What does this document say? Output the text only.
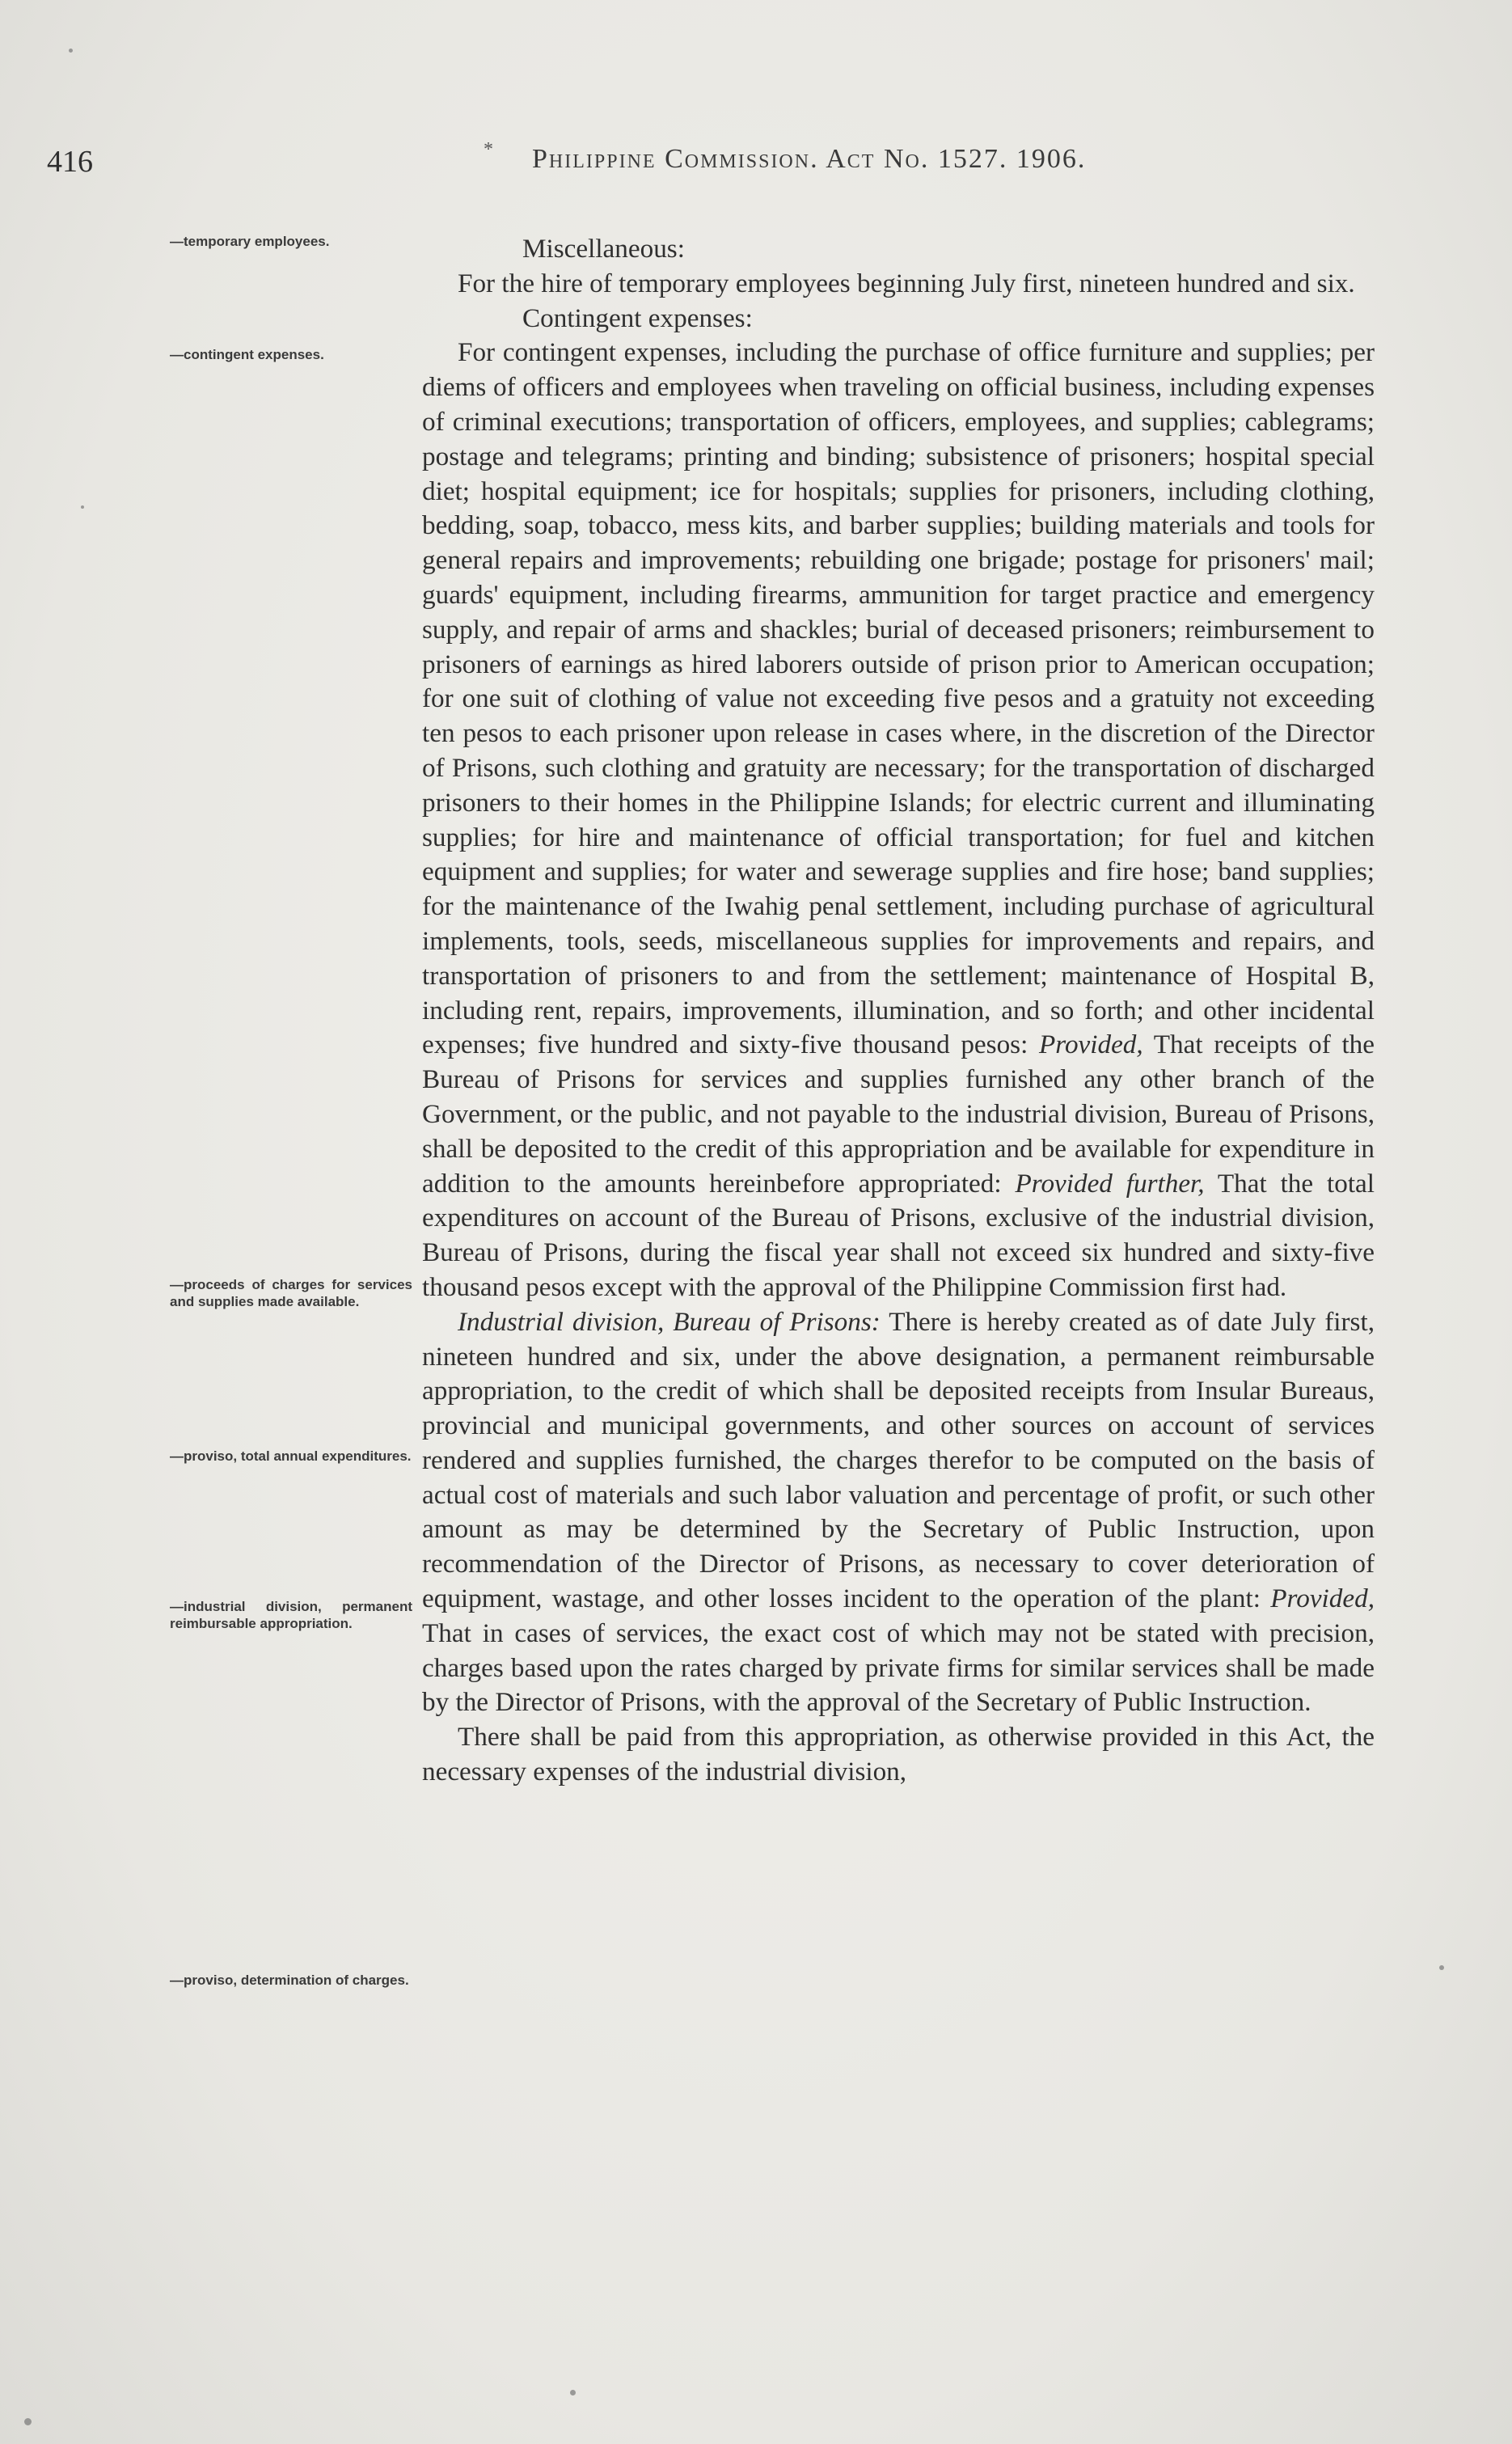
416	* Philippine Commission. Act No. 1527. 1906.
—temporary employees.
—contingent expenses.
—proceeds of charges for services and supplies made available.
—proviso, total annual expenditures.
—industrial division, permanent reimbursable appropriation.
—proviso, determination of charges.

Miscellaneous:

For the hire of temporary employees beginning July first, nineteen hundred and six.

Contingent expenses:

For contingent expenses, including the purchase of office furniture and supplies; per diems of officers and employees when traveling on official business, including expenses of criminal executions; transportation of officers, employees, and supplies; cablegrams; postage and telegrams; printing and binding; subsistence of prisoners; hospital special diet; hospital equipment; ice for hospitals; supplies for prisoners, including clothing, bedding, soap, tobacco, mess kits, and barber supplies; building materials and tools for general repairs and improvements; rebuilding one brigade; postage for prisoners' mail; guards' equipment, including firearms, ammunition for target practice and emergency supply, and repair of arms and shackles; burial of deceased prisoners; reimbursement to prisoners of earnings as hired laborers outside of prison prior to American occupation; for one suit of clothing of value not exceeding five pesos and a gratuity not exceeding ten pesos to each prisoner upon release in cases where, in the discretion of the Director of Prisons, such clothing and gratuity are necessary; for the transportation of discharged prisoners to their homes in the Philippine Islands; for electric current and illuminating supplies; for hire and maintenance of official transportation; for fuel and kitchen equipment and supplies; for water and sewerage supplies and fire hose; band supplies; for the maintenance of the Iwahig penal settlement, including purchase of agricultural implements, tools, seeds, miscellaneous supplies for improvements and repairs, and transportation of prisoners to and from the settlement; maintenance of Hospital B, including rent, repairs, improvements, illumination, and so forth; and other incidental expenses; five hundred and sixty-five thousand pesos: Provided, That receipts of the Bureau of Prisons for services and supplies furnished any other branch of the Government, or the public, and not payable to the industrial division, Bureau of Prisons, shall be deposited to the credit of this appropriation and be available for expenditure in addition to the amounts hereinbefore appropriated: Provided further, That the total expenditures on account of the Bureau of Prisons, exclusive of the industrial division, Bureau of Prisons, during the fiscal year shall not exceed six hundred and sixty-five thousand pesos except with the approval of the Philippine Commission first had.

Industrial division, Bureau of Prisons: There is hereby created as of date July first, nineteen hundred and six, under the above designation, a permanent reimbursable appropriation, to the credit of which shall be deposited receipts from Insular Bureaus, provincial and municipal governments, and other sources on account of services rendered and supplies furnished, the charges therefor to be computed on the basis of actual cost of materials and such labor valuation and percentage of profit, or such other amount as may be determined by the Secretary of Public Instruction, upon recommendation of the Director of Prisons, as necessary to cover deterioration of equipment, wastage, and other losses incident to the operation of the plant: Provided, That in cases of services, the exact cost of which may not be stated with precision, charges based upon the rates charged by private firms for similar services shall be made by the Director of Prisons, with the approval of the Secretary of Public Instruction.

There shall be paid from this appropriation, as otherwise provided in this Act, the necessary expenses of the industrial division,
